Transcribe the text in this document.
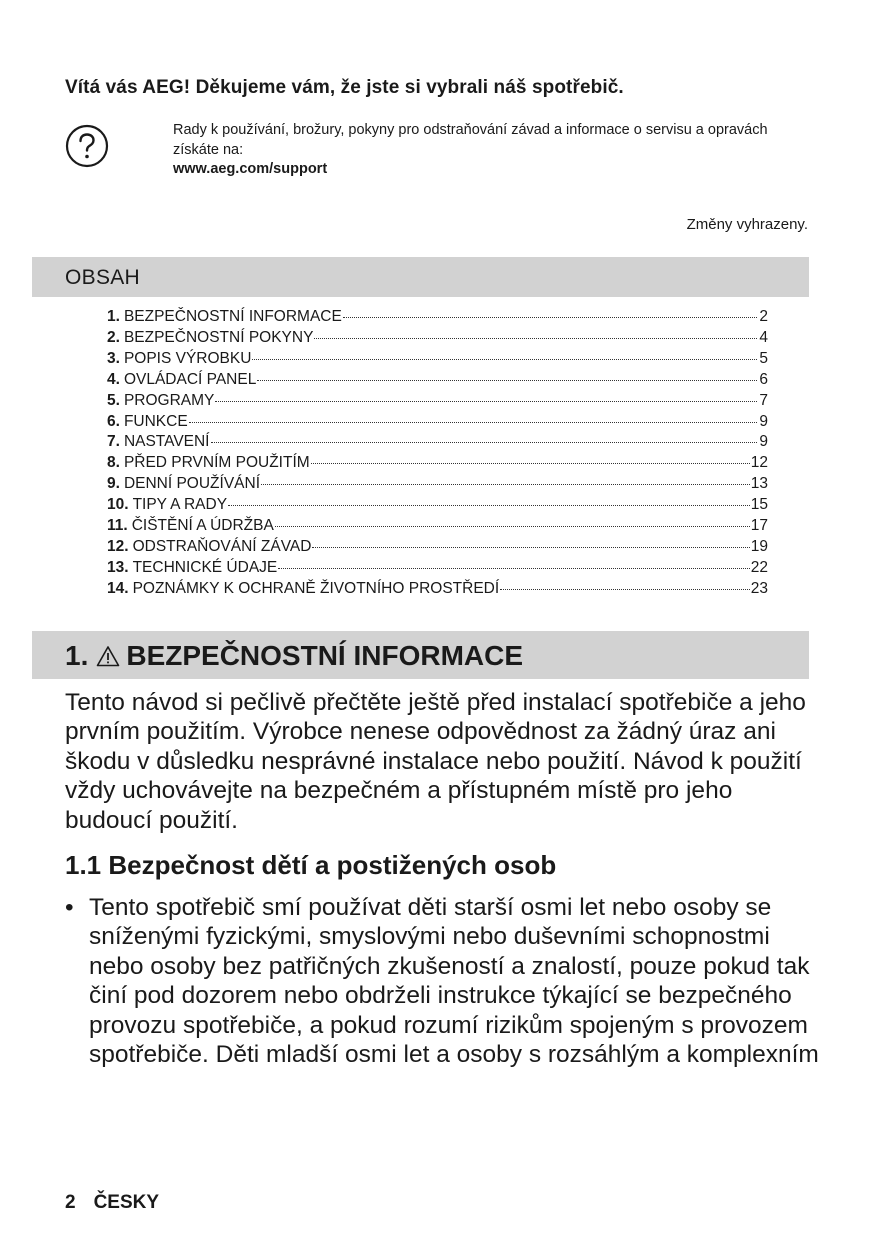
Vítá vás AEG! Děkujeme vám, že jste si vybrali náš spotřebič.
Rady k používání, brožury, pokyny pro odstraňování závad a informace o servisu a opravách získáte na:
www.aeg.com/support
Změny vyhrazeny.
OBSAH
1. BEZPEČNOSTNÍ INFORMACE	2
2. BEZPEČNOSTNÍ POKYNY	4
3. POPIS VÝROBKU	5
4. OVLÁDACÍ PANEL	6
5. PROGRAMY	7
6. FUNKCE	9
7. NASTAVENÍ	9
8. PŘED PRVNÍM POUŽITÍM	12
9. DENNÍ POUŽÍVÁNÍ	13
10. TIPY A RADY	15
11. ČIŠTĚNÍ A ÚDRŽBA	17
12. ODSTRAŇOVÁNÍ ZÁVAD	19
13. TECHNICKÉ ÚDAJE	22
14. POZNÁMKY K OCHRANĚ ŽIVOTNÍHO PROSTŘEDÍ	23
1. BEZPEČNOSTNÍ INFORMACE

Tento návod si pečlivě přečtěte ještě před instalací spotřebiče a jeho prvním použitím. Výrobce nenese odpovědnost za žádný úraz ani škodu v důsledku nesprávné instalace nebo použití. Návod k použití vždy uchovávejte na bezpečném a přístupném místě pro jeho budoucí použití.

1.1 Bezpečnost dětí a postižených osob
• Tento spotřebič smí používat děti starší osmi let nebo osoby se sníženými fyzickými, smyslovými nebo duševními schopnostmi nebo osoby bez patřičných zkušeností a znalostí, pouze pokud tak činí pod dozorem nebo obdrželi instrukce týkající se bezpečného provozu spotřebiče, a pokud rozumí rizikům spojeným s provozem spotřebiče. Děti mladší osmi let a osoby s rozsáhlým a komplexním
2 ČESKY
